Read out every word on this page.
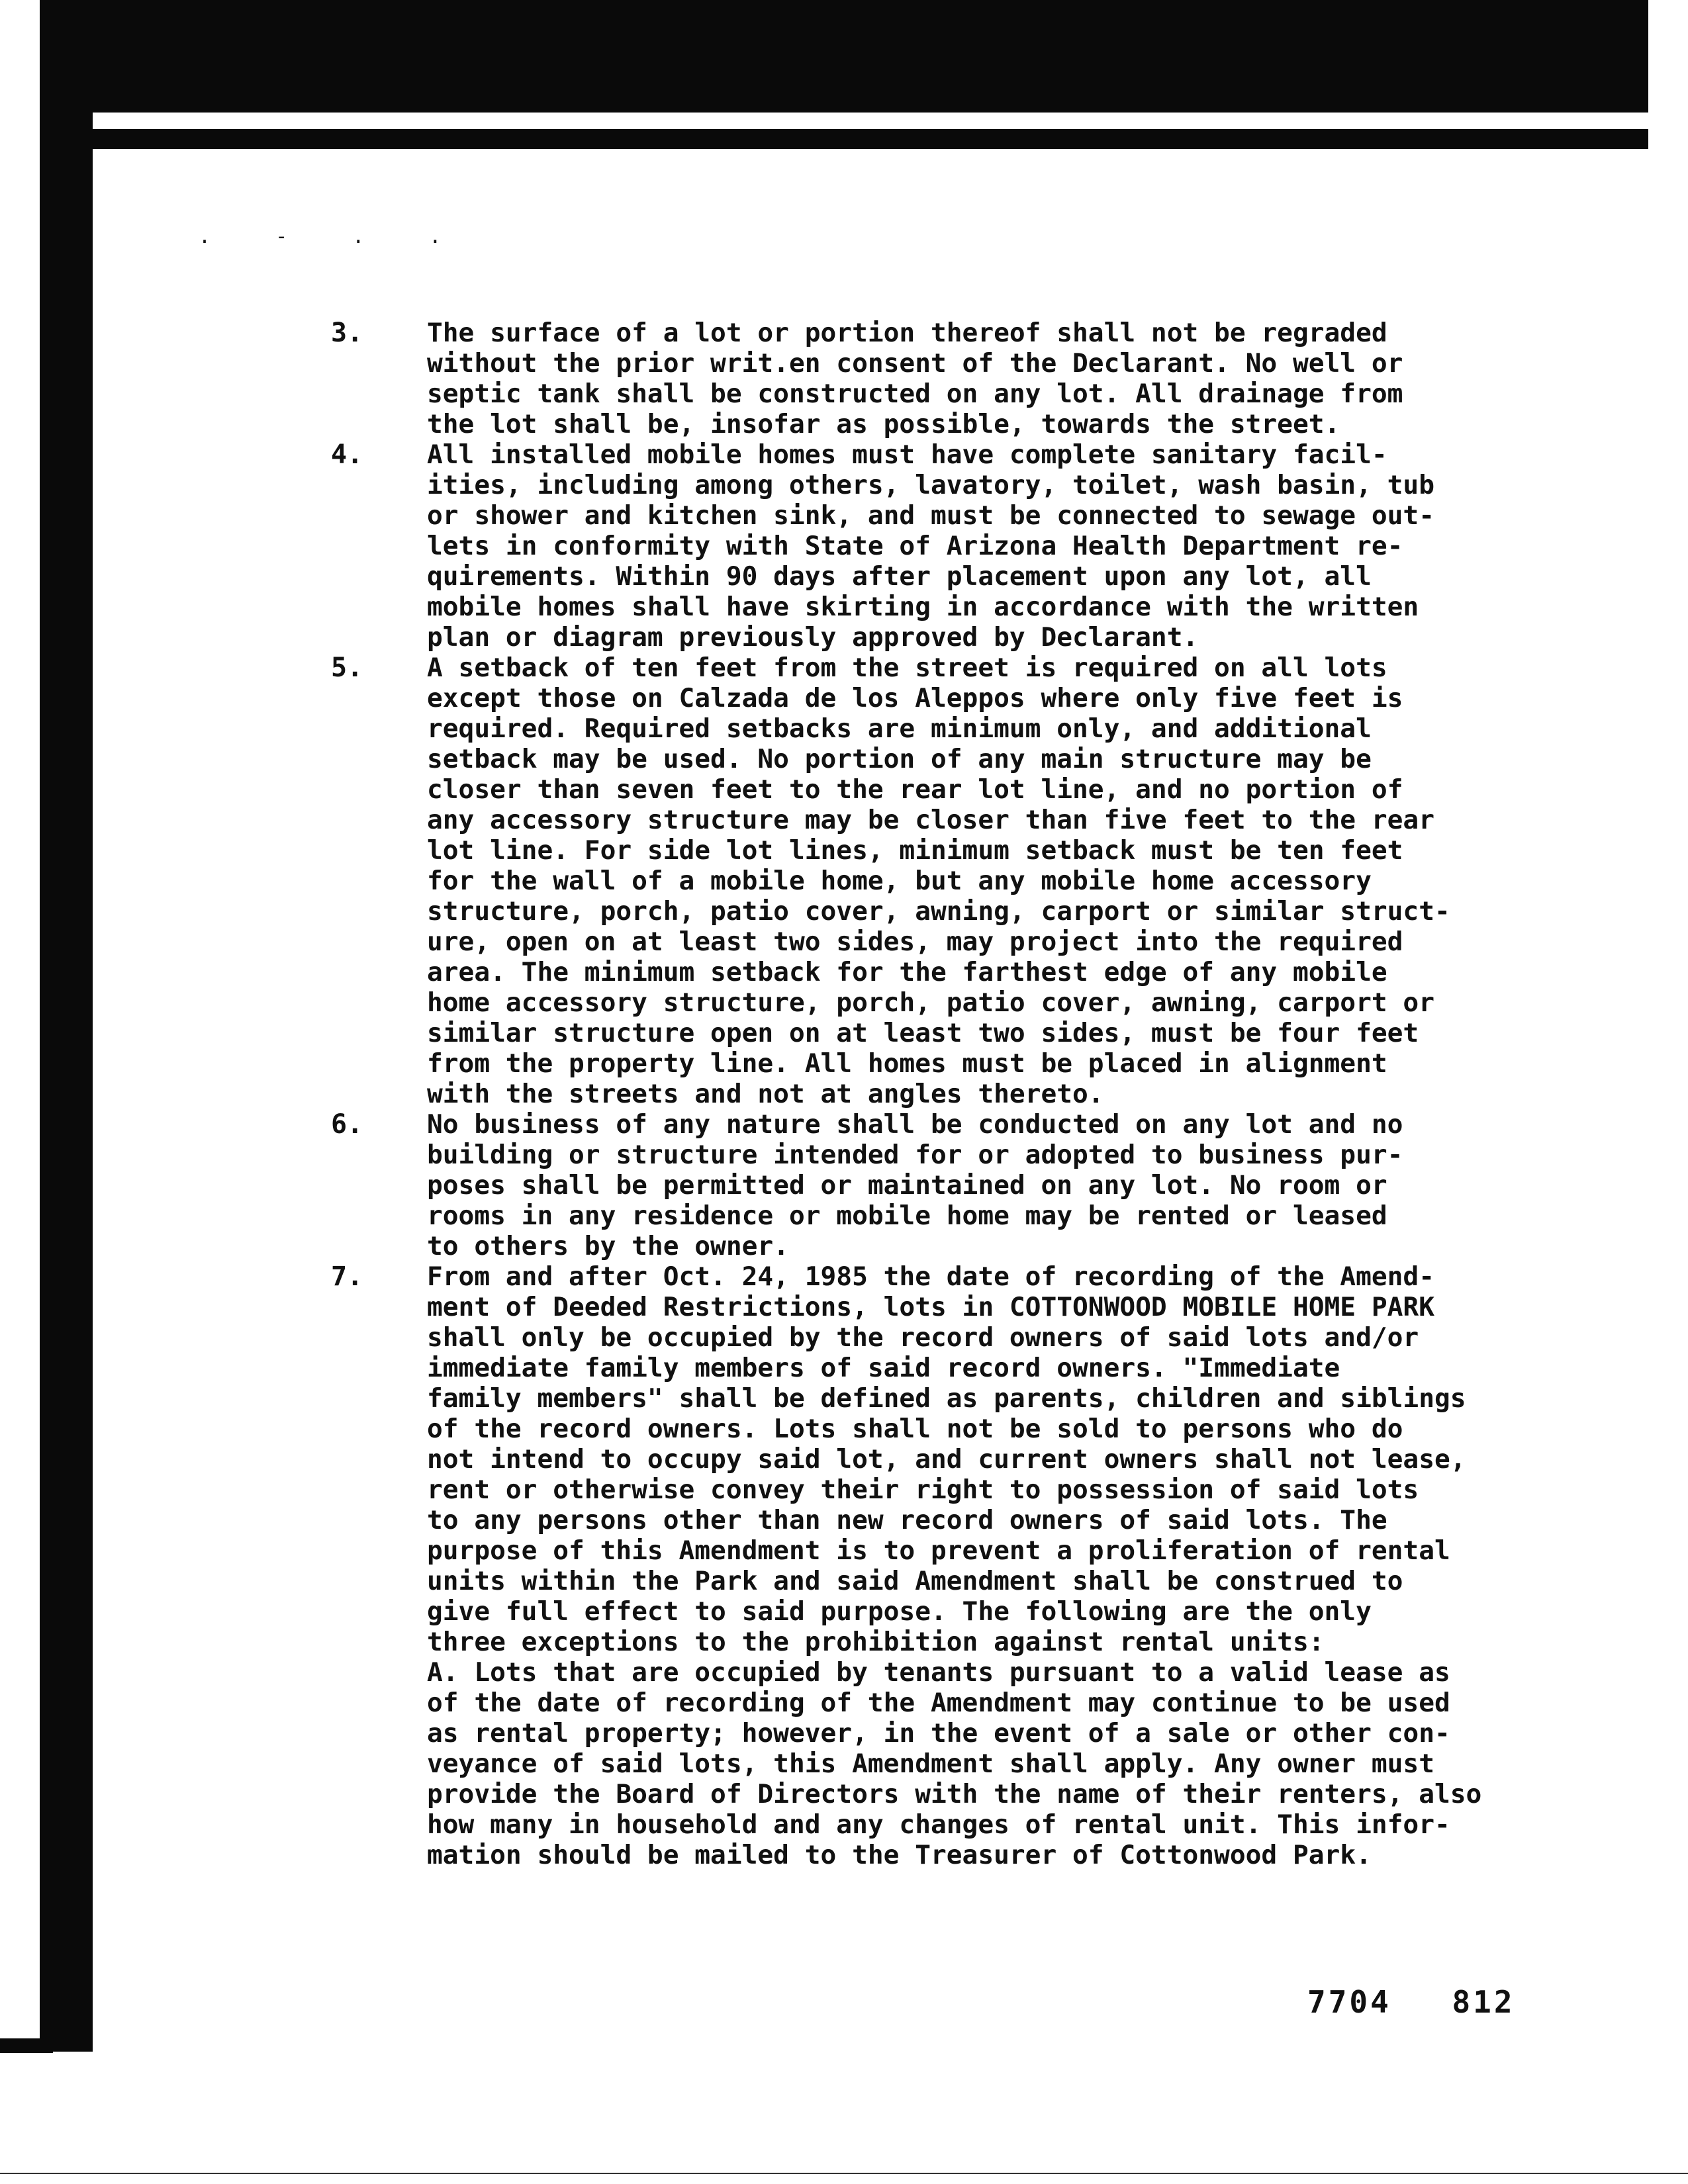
. - . .
3. The surface of a lot or portion thereof shall not be regraded
without the prior writ.en consent of the Declarant. No well or
septic tank shall be constructed on any lot. All drainage from
the lot shall be, insofar as possible, towards the street.
4. All installed mobile homes must have complete sanitary facil-
ities, including among others, lavatory, toilet, wash basin, tub
or shower and kitchen sink, and must be connected to sewage out-
lets in conformity with State of Arizona Health Department re-
quirements. Within 90 days after placement upon any lot, all
mobile homes shall have skirting in accordance with the written
plan or diagram previously approved by Declarant.
5. A setback of ten feet from the street is required on all lots
except those on Calzada de los Aleppos where only five feet is
required. Required setbacks are minimum only, and additional
setback may be used. No portion of any main structure may be
closer than seven feet to the rear lot line, and no portion of
any accessory structure may be closer than five feet to the rear
lot line. For side lot lines, minimum setback must be ten feet
for the wall of a mobile home, but any mobile home accessory
structure, porch, patio cover, awning, carport or similar struct-
ure, open on at least two sides, may project into the required
area. The minimum setback for the farthest edge of any mobile
home accessory structure, porch, patio cover, awning, carport or
similar structure open on at least two sides, must be four feet
from the property line. All homes must be placed in alignment
with the streets and not at angles thereto.
6. No business of any nature shall be conducted on any lot and no
building or structure intended for or adopted to business pur-
poses shall be permitted or maintained on any lot. No room or
rooms in any residence or mobile home may be rented or leased
to others by the owner.
7. From and after Oct. 24, 1985 the date of recording of the Amend-
ment of Deeded Restrictions, lots in COTTONWOOD MOBILE HOME PARK
shall only be occupied by the record owners of said lots and/or
immediate family members of said record owners. "Immediate
family members" shall be defined as parents, children and siblings
of the record owners. Lots shall not be sold to persons who do
not intend to occupy said lot, and current owners shall not lease,
rent or otherwise convey their right to possession of said lots
to any persons other than new record owners of said lots. The
purpose of this Amendment is to prevent a proliferation of rental
units within the Park and said Amendment shall be construed to
give full effect to said purpose. The following are the only
three exceptions to the prohibition against rental units:
A. Lots that are occupied by tenants pursuant to a valid lease as
of the date of recording of the Amendment may continue to be used
as rental property; however, in the event of a sale or other con-
veyance of said lots, this Amendment shall apply. Any owner must
provide the Board of Directors with the name of their renters, also
how many in household and any changes of rental unit. This infor-
mation should be mailed to the Treasurer of Cottonwood Park.
7704 812
